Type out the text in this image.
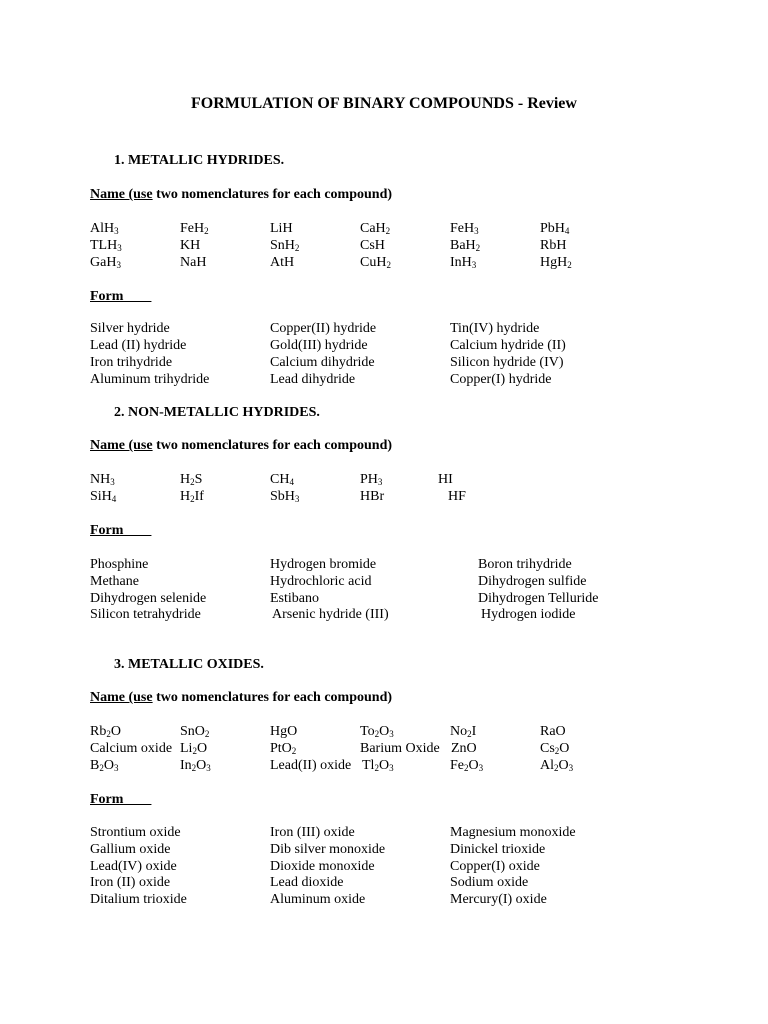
FORMULATION OF BINARY COMPOUNDS - Review
1. METALLIC HYDRIDES.
Name (use two nomenclatures for each compound)
AlH$_3$	FeH$_2$	LiH	CaH$_2$	FeH$_3$	PbH$_4$
$TLH_3$	KH	SnH$_2$	CsH	BaH$_2$	RbH
GaH$_3$	NaH	AtH	CuH$_2$	InH$_3$	HgH$_2$
Form
Silver hydride	Copper(II) hydride	Tin(IV) hydride
Lead (II) hydride	Gold(III) hydride	Calcium hydride (II)
Iron trihydride	Calcium dihydride	Silicon hydride (IV)
Aluminum trihydride	Lead dihydride	Copper(I) hydride
2. NON-METALLIC HYDRIDES.
Name (use two nomenclatures for each compound)
$NH_3$	$H_2S$	$CH_4$	$PH_3$	HI
SiH$_4$	$H_2If$	SbH$_3$	HBr	HF
Form
Phosphine	Hydrogen bromide	Boron trihydride
Methane	Hydrochloric acid	Dihydrogen sulfide
Dihydrogen selenide	Estibano	Dihydrogen Telluride
Silicon tetrahydride	Arsenic hydride (III)	Hydrogen iodide
3. METALLIC OXIDES.
Name (use two nomenclatures for each compound)
$Rb_2O$	SnO$_2$	HgO	$To_2O_3$	$No_2I$	RaO
Calcium oxide $Li_2O$	PtO$_2$	Barium Oxide ZnO	$Cs_2O$
$B_2O_3$	$In_2O_3$	Lead(II) oxide $Tl_2O_3$	$Fe_2O_3$	$Al_2O_3$
Form
Strontium oxide	Iron (III) oxide	Magnesium monoxide
Gallium oxide	Dib silver monoxide	Dinickel trioxide
Lead(IV) oxide	Dioxide monoxide	Copper(I) oxide
Iron (II) oxide	Lead dioxide	Sodium oxide
Ditalium trioxide	Aluminum oxide	Mercury(I) oxide
